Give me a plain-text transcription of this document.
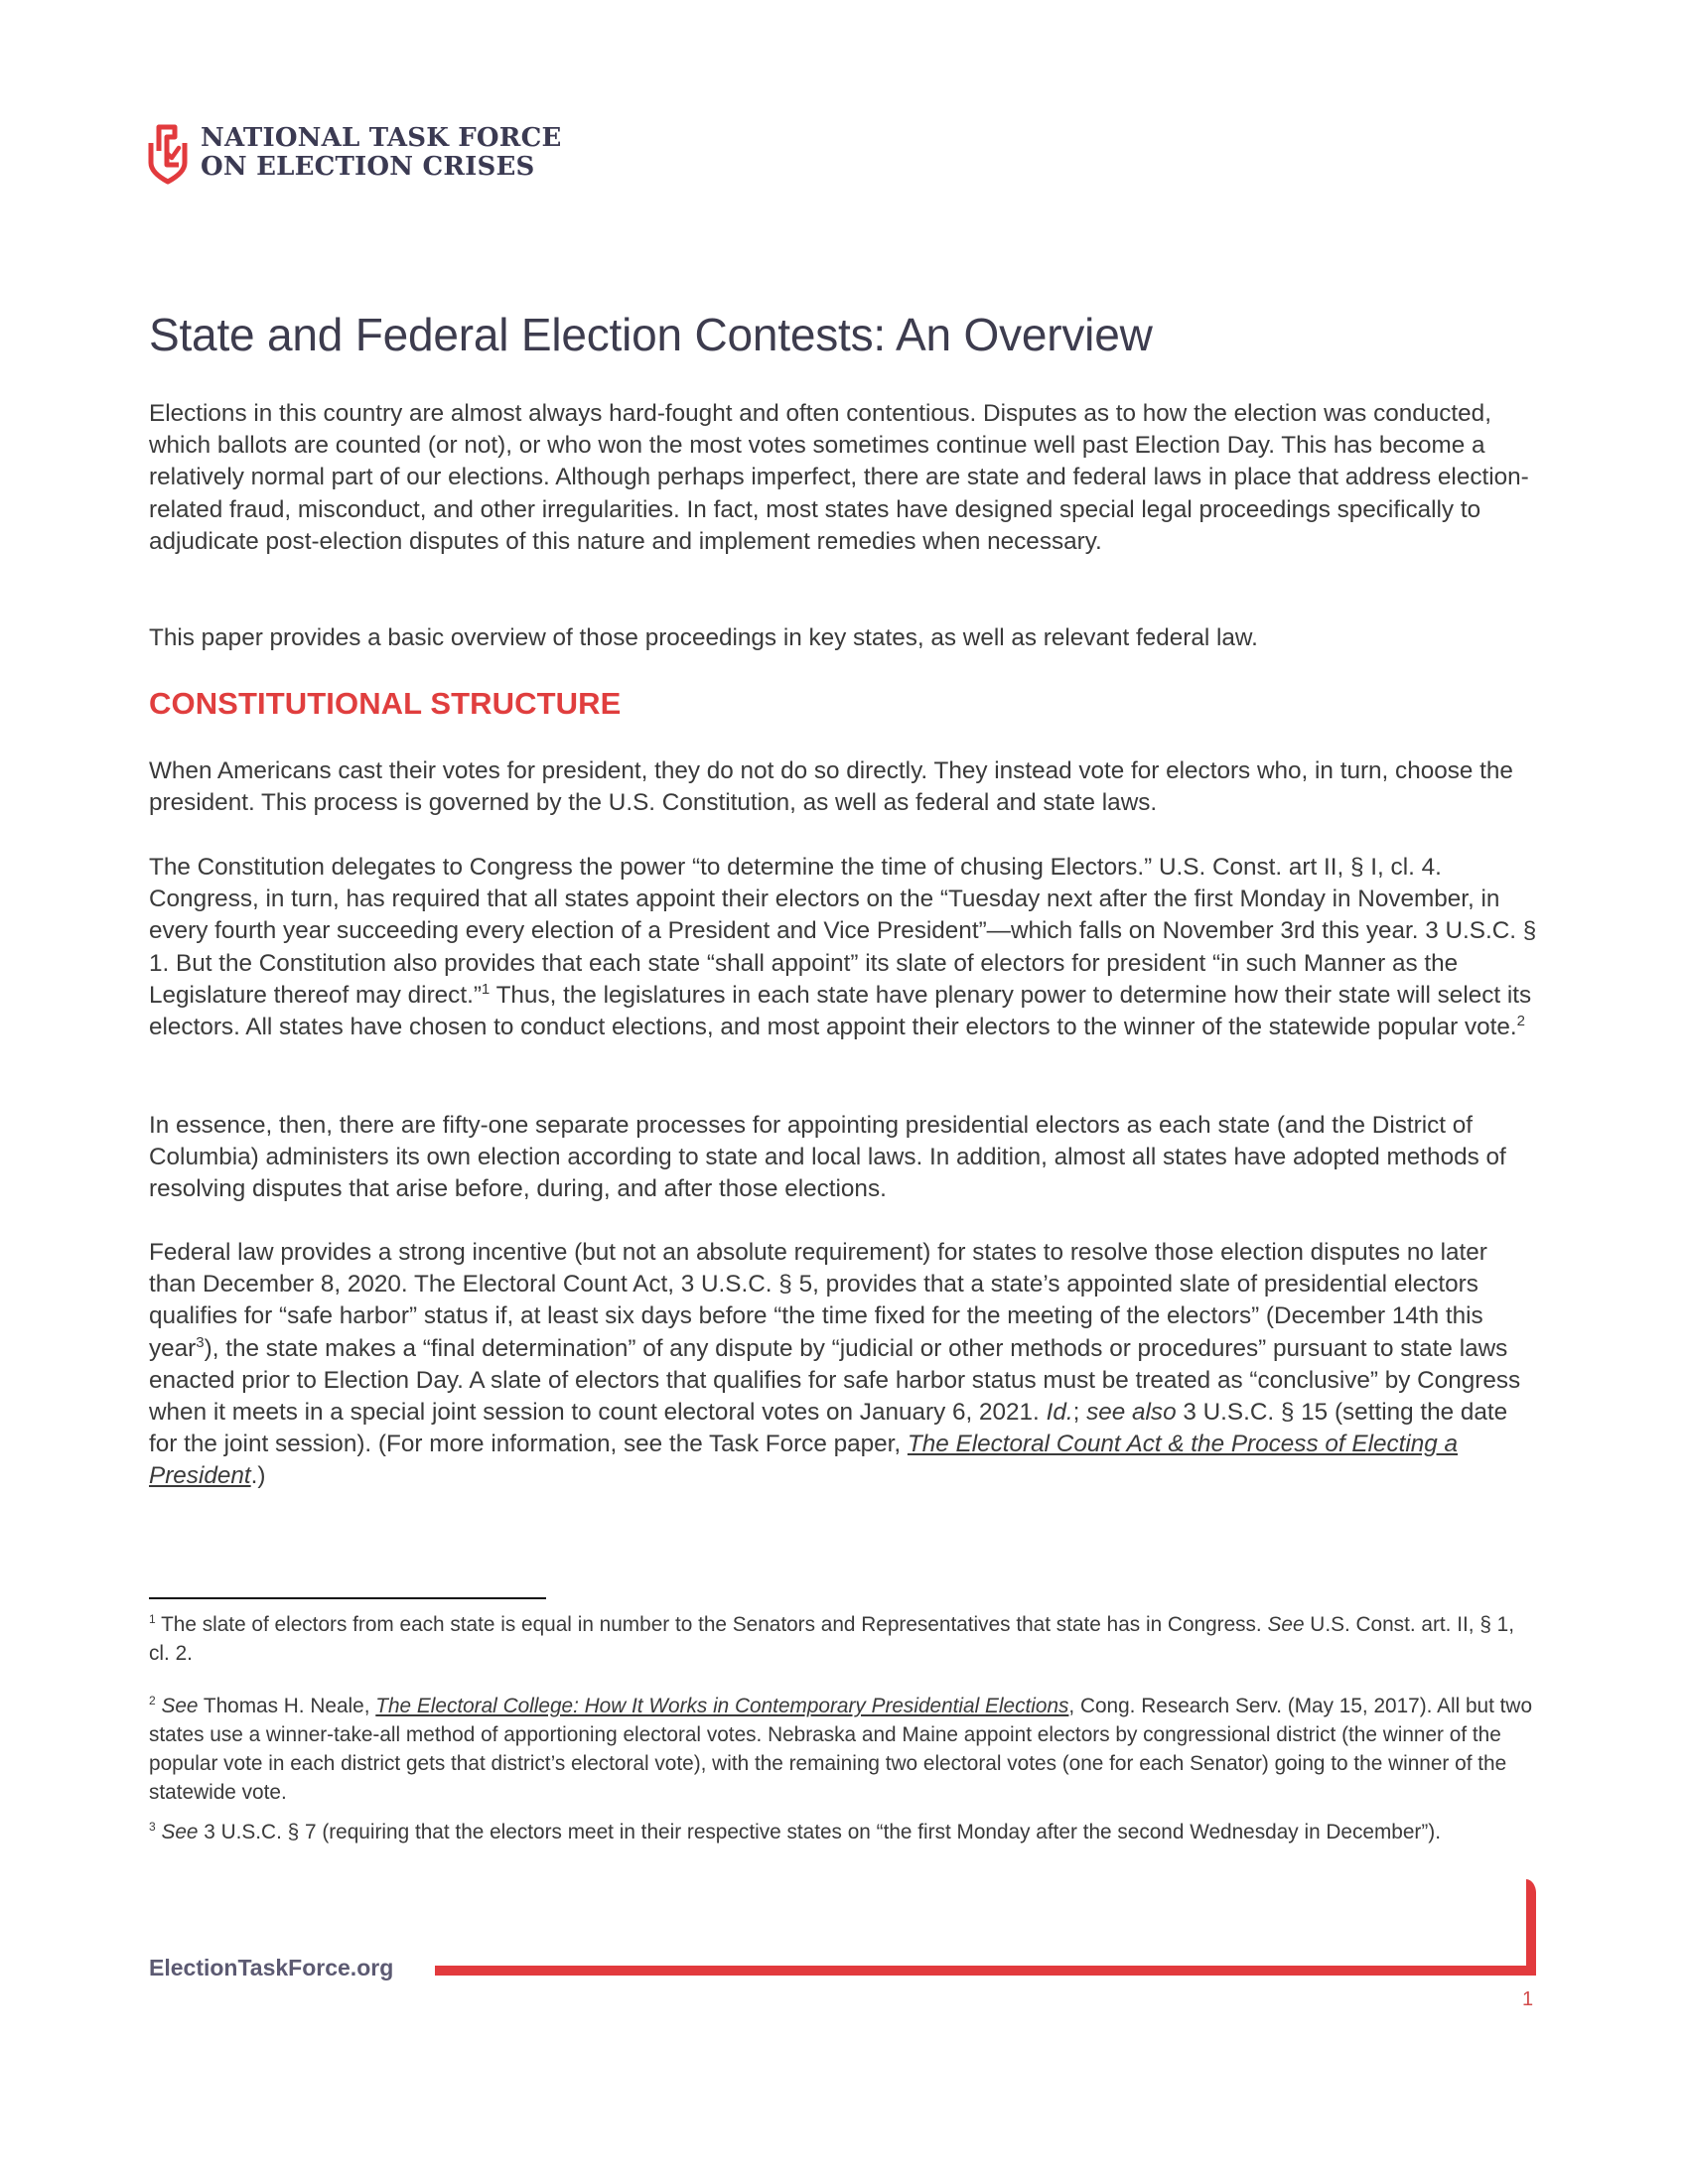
NATIONAL TASK FORCE
ON ELECTION CRISES
State and Federal Election Contests: An Overview

Elections in this country are almost always hard-fought and often contentious. Disputes as to how the election was conducted, which ballots are counted (or not), or who won the most votes sometimes continue well past Election Day. This has become a relatively normal part of our elections. Although perhaps imperfect, there are state and federal laws in place that address election-related fraud, misconduct, and other irregularities. In fact, most states have designed special legal proceedings specifically to adjudicate post-election disputes of this nature and implement remedies when necessary.

This paper provides a basic overview of those proceedings in key states, as well as relevant federal law.

CONSTITUTIONAL STRUCTURE

When Americans cast their votes for president, they do not do so directly. They instead vote for electors who, in turn, choose the president. This process is governed by the U.S. Constitution, as well as federal and state laws.

The Constitution delegates to Congress the power “to determine the time of chusing Electors.” U.S. Const. art II, § I, cl. 4. Congress, in turn, has required that all states appoint their electors on the “Tuesday next after the first Monday in November, in every fourth year succeeding every election of a President and Vice President”—which falls on November 3rd this year. 3 U.S.C. § 1. But the Constitution also provides that each state “shall appoint” its slate of electors for president “in such Manner as the Legislature thereof may direct.”$^1$ Thus, the legislatures in each state have plenary power to determine how their state will select its electors. All states have chosen to conduct elections, and most appoint their electors to the winner of the statewide popular vote.$^2$

In essence, then, there are fifty-one separate processes for appointing presidential electors as each state (and the District of Columbia) administers its own election according to state and local laws. In addition, almost all states have adopted methods of resolving disputes that arise before, during, and after those elections.

Federal law provides a strong incentive (but not an absolute requirement) for states to resolve those election disputes no later than December 8, 2020. The Electoral Count Act, 3 U.S.C. § 5, provides that a state’s appointed slate of presidential electors qualifies for “safe harbor” status if, at least six days before “the time fixed for the meeting of the electors” (December 14th this year$^3$), the state makes a “final determination” of any dispute by “judicial or other methods or procedures” pursuant to state laws enacted prior to Election Day. A slate of electors that qualifies for safe harbor status must be treated as “conclusive” by Congress when it meets in a special joint session to count electoral votes on January 6, 2021. Id.; see also 3 U.S.C. § 15 (setting the date for the joint session). (For more information, see the Task Force paper, The Electoral Count Act & the Process of Electing a President.)

$^1$ The slate of electors from each state is equal in number to the Senators and Representatives that state has in Congress. See U.S. Const. art. II, § 1, cl. 2.

$^2$ See Thomas H. Neale, The Electoral College: How It Works in Contemporary Presidential Elections, Cong. Research Serv. (May 15, 2017). All but two states use a winner-take-all method of apportioning electoral votes. Nebraska and Maine appoint electors by congressional district (the winner of the popular vote in each district gets that district’s electoral vote), with the remaining two electoral votes (one for each Senator) going to the winner of the statewide vote.

$^3$ See 3 U.S.C. § 7 (requiring that the electors meet in their respective states on “the first Monday after the second Wednesday in December”).

ElectionTaskForce.org
1
